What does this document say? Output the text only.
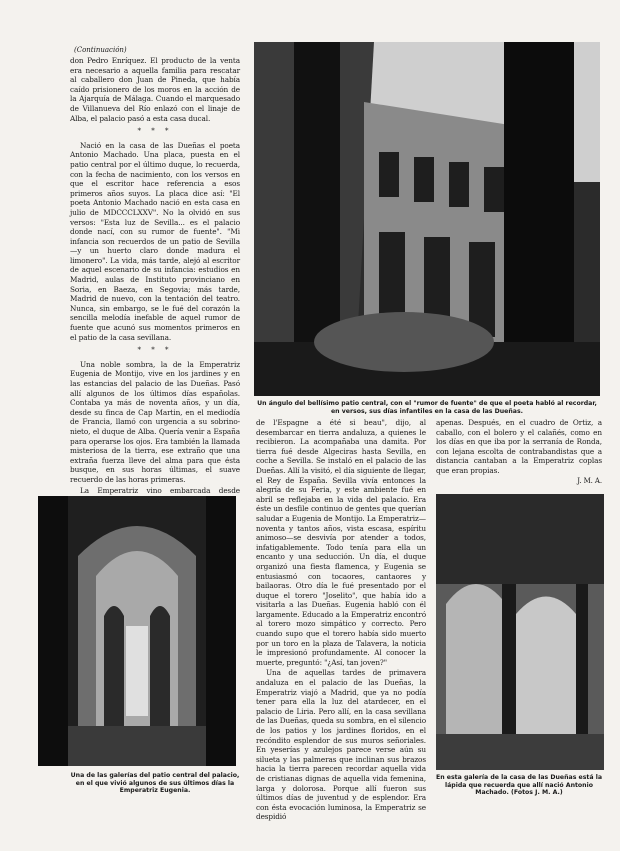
(Continuación)

don Pedro Enríquez. El producto de la venta era necesario a aquella familia para rescatar al caballero don Juan de Pineda, que había caído prisionero de los moros en la acción de la Ajarquía de Málaga. Cuando el marquesado de Villanueva del Río enlazó con el linaje de Alba, el palacio pasó a esta casa ducal.

* * *

Nació en la casa de las Dueñas el poeta Antonio Machado. Una placa, puesta en el patio central por el último duque, lo recuerda, con la fecha de nacimiento, con los versos en que el escritor hace referencia a esos primeros años suyos. La placa dice así: "El poeta Antonio Machado nació en esta casa en julio de MDCCCLXXV". No la olvidó en sus versos: "Esta luz de Sevilla... es el palacio donde nací, con su rumor de fuente". "Mi infancia son recuerdos de un patio de Sevilla —y un huerto claro donde madura el limonero". La vida, más tarde, alejó al escritor de aquel escenario de su infancia: estudios en Madrid, aulas de Instituto provinciano en Soria, en Baeza, en Segovia; más tarde, Madrid de nuevo, con la tentación del teatro. Nunca, sin embargo, se le fué del corazón la sencilla melodía inefable de aquel rumor de fuente que acunó sus momentos primeros en el patio de la casa sevillana.

* * *

Una noble sombra, la de la Emperatriz Eugenia de Montijo, vive en los jardines y en las estancias del palacio de las Dueñas. Pasó allí algunos de los últimos días españolas. Contaba ya más de noventa años, y un día, desde su finca de Cap Martin, en el mediodía de Francia, llamó con urgencia a su sobrino-nieto, el duque de Alba. Quería venir a España para operarse los ojos. Era también la llamada misteriosa de la tierra, ese extraño que una extraña fuerza lleve del alma para que ésta busque, en sus horas últimas, el suave recuerdo de las horas primeras.

La Emperatriz vino embarcada desde

Un ángulo del bellísimo patio central, con el "rumor de fuente" de que el poeta habló al recordar, en versos, sus días infantiles en la casa de las Dueñas.

de l'Espagne a été si beau", dijo, al desembarcar en tierra andaluza, a quienes le recibieron. La acompañaba una damita. Por tierra fué desde Algeciras hasta Sevilla, en coche a Sevilla. Se instaló en el palacio de las Dueñas. Allí la visitó, el día siguiente de llegar, el Rey de España. Sevilla vivía entonces la alegría de su Feria, y este ambiente fué en abril se reflejaba en la vida del palacio. Era éste un desfile continuo de gentes que querían saludar a Eugenia de Montijo. La Emperatriz—noventa y tantos años, vista escasa, espíritu animoso—se desvivía por atender a todos, infatigablemente. Todo tenía para ella un encanto y una seducción. Un día, el duque organizó una fiesta flamenca, y Eugenia se entusiasmó con tocaores, cantaores y bailaoras. Otro día le fué presentado por el duque el torero "Joselito", que había ido a visitarla a las Dueñas. Eugenia habló con él largamente. Educado a la Emperatriz encontró al torero mozo simpático y correcto. Pero cuando supo que el torero había sido muerto por un toro en la plaza de Talavera, la noticia le impresionó profundamente. Al conocer la muerte, preguntó: "¿Así, tan joven?"

Una de aquellas tardes de primavera andaluza en el palacio de las Dueñas, la Emperatriz viajó a Madrid, que ya no podía tener para ella la luz del atardecer, en el palacio de Liria. Pero allí, en la casa sevillana de las Dueñas, queda su sombra, en el silencio de los patios y los jardines floridos, en el recóndito esplendor de sus muros señoriales. En yeserías y azulejos parece verse aún su silueta y las palmeras que inclinan sus brazos hacia la tierra parecen recordar aquella vida de cristianas dignas de aquella vida femenina, larga y dolorosa. Porque allí fueron sus últimos días de juventud y de esplendor. Era con ésta evocación luminosa, la Emperatriz se despidió

apenas. Después, en el cuadro de Ortiz, a caballo, con el bolero y el calañés, como en los días en que iba por la serranía de Ronda, con lejana escolta de contrabandistas que a distancia cantaban a la Emperatriz coplas que eran propias.

J. M. A.
Una de las galerías del patio central del palacio, en el que vivió algunos de sus últimos días la Emperatriz Eugenia.
En esta galería de la casa de las Dueñas está la lápida que recuerda que allí nació Antonio Machado. (Fotos J. M. A.)
